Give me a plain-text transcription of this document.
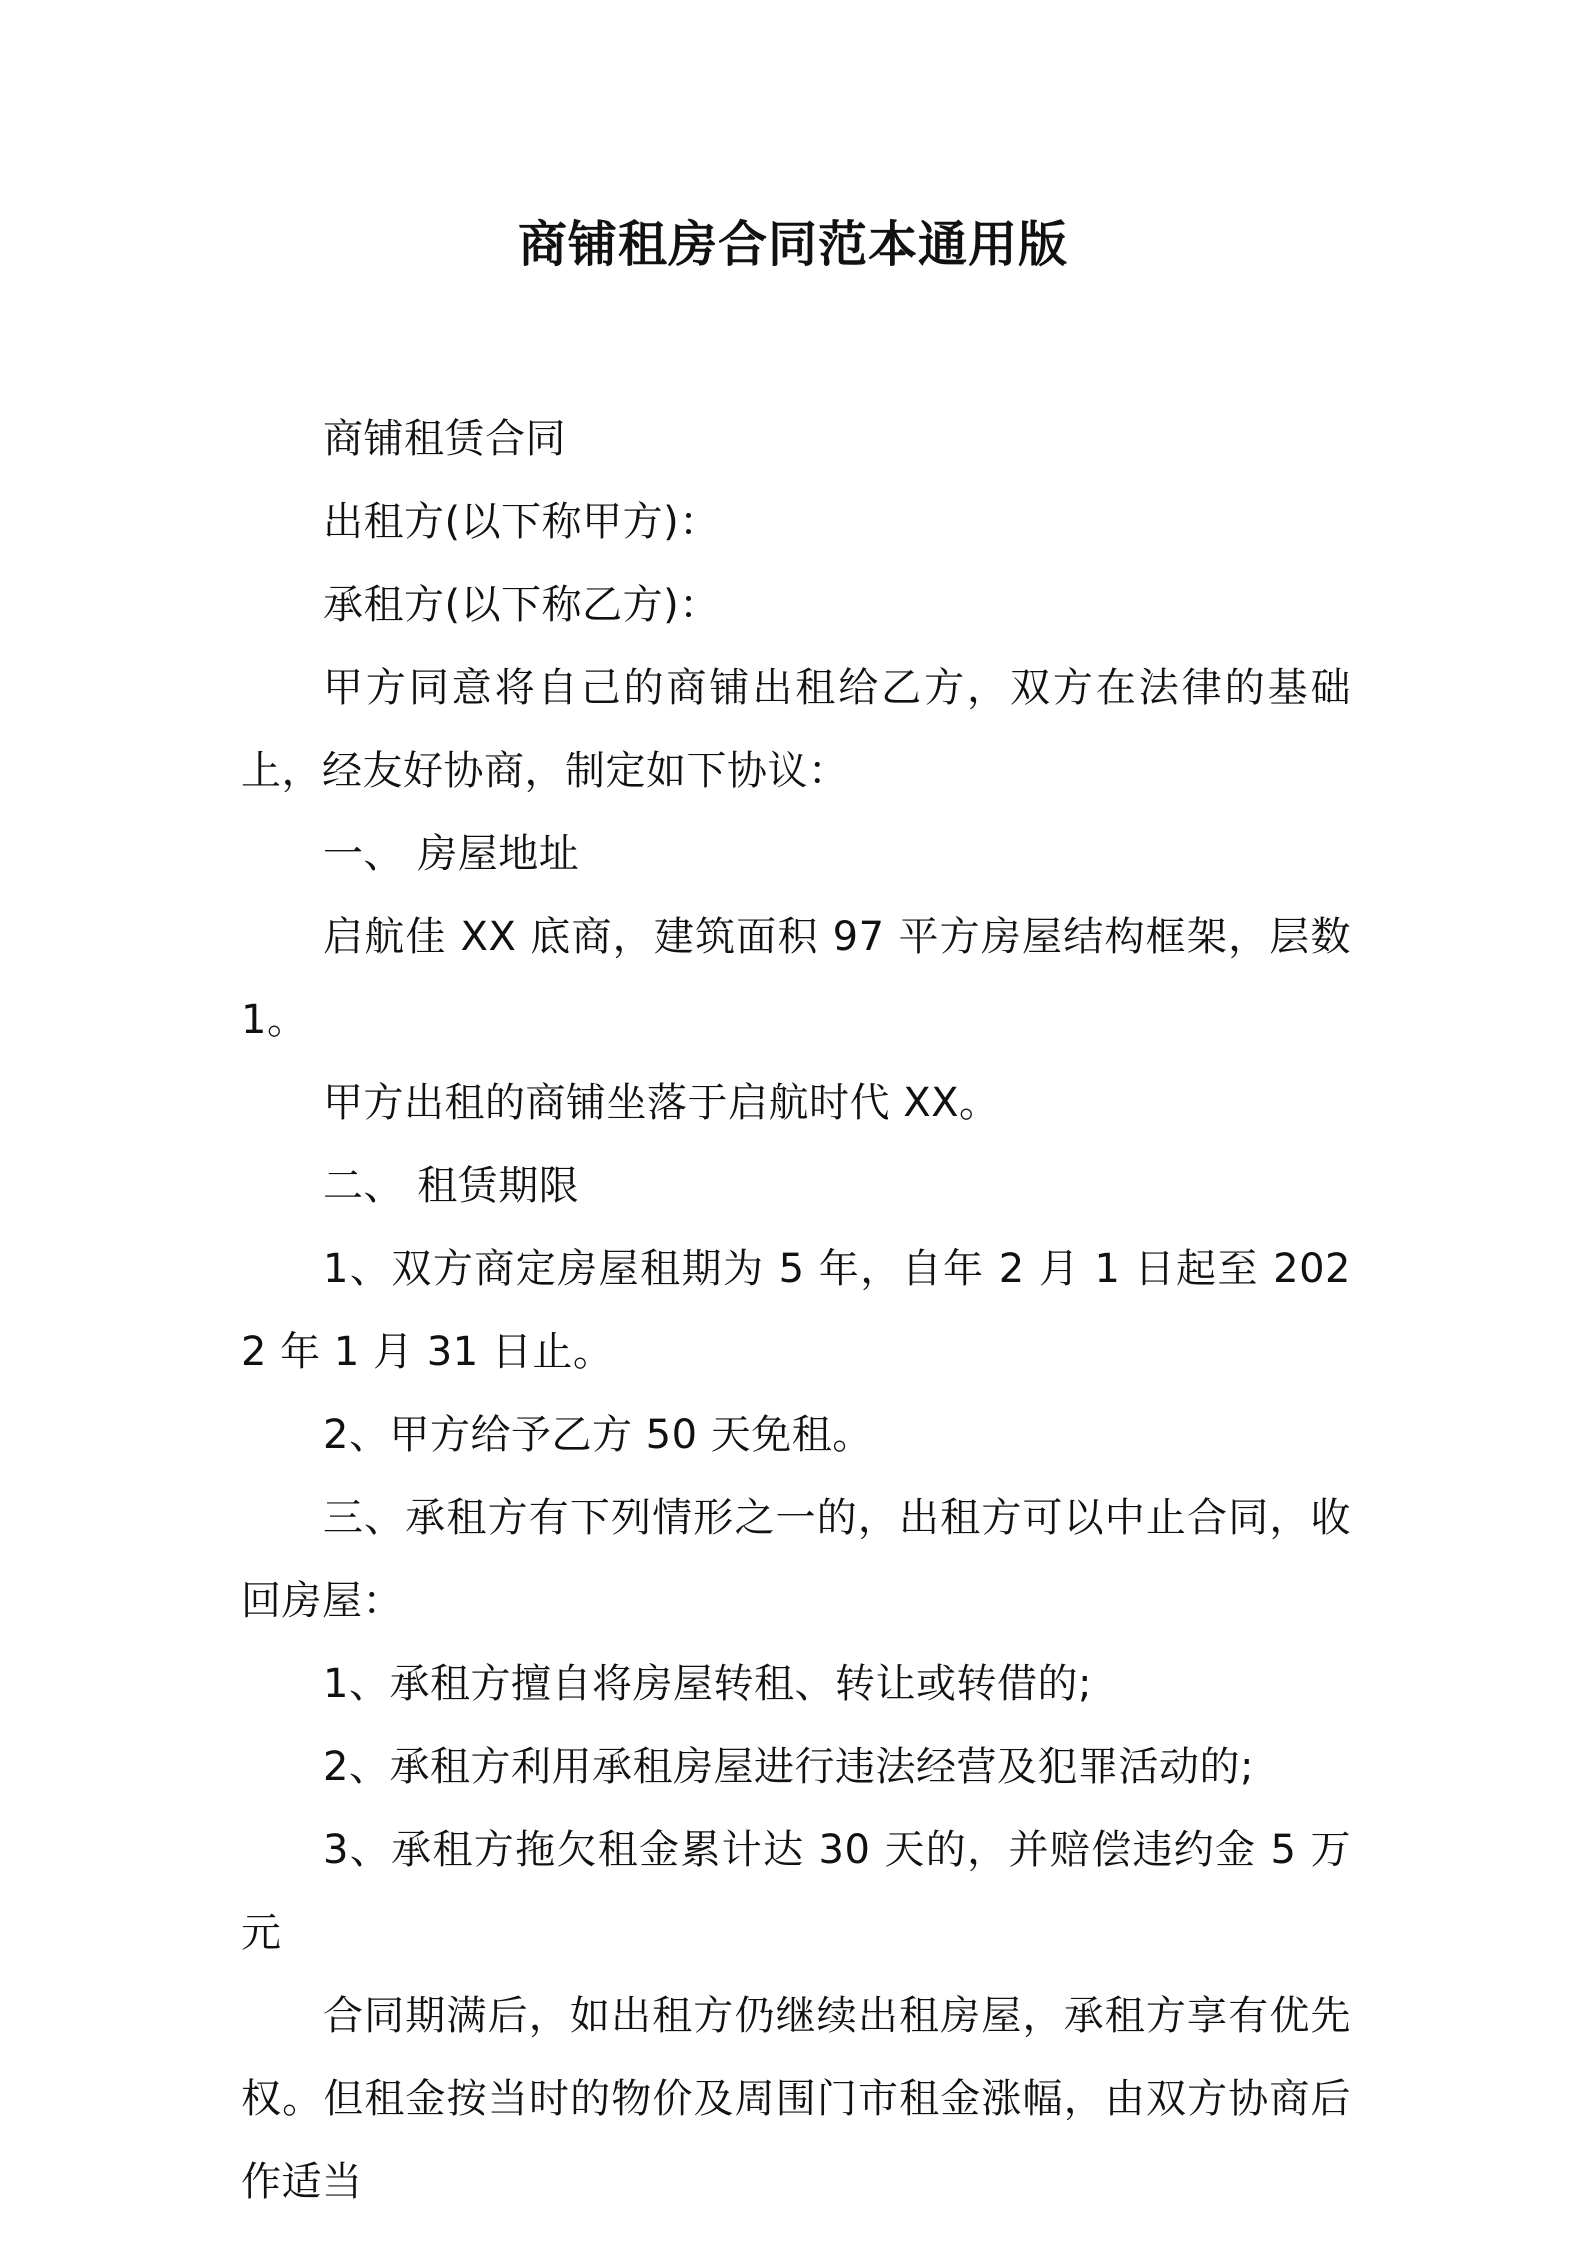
商铺租房合同范本通用版

商铺租赁合同

出租方(以下称甲方)：

承租方(以下称乙方)：

甲方同意将自己的商铺出租给乙方，双方在法律的基础上，经友好协商，制定如下协议：

一、 房屋地址

启航佳 XX 底商，建筑面积 97 平方房屋结构框架，层数 1。

甲方出租的商铺坐落于启航时代 XX。

二、 租赁期限

1、双方商定房屋租期为 5 年，自年 2 月 1 日起至 2022 年 1 月 31 日止。

2、甲方给予乙方 50 天免租。

三、承租方有下列情形之一的，出租方可以中止合同，收回房屋：

1、承租方擅自将房屋转租、转让或转借的;

2、承租方利用承租房屋进行违法经营及犯罪活动的;

3、承租方拖欠租金累计达 30 天的，并赔偿违约金 5 万元

合同期满后，如出租方仍继续出租房屋，承租方享有优先权。但租金按当时的物价及周围门市租金涨幅，由双方协商后作适当
